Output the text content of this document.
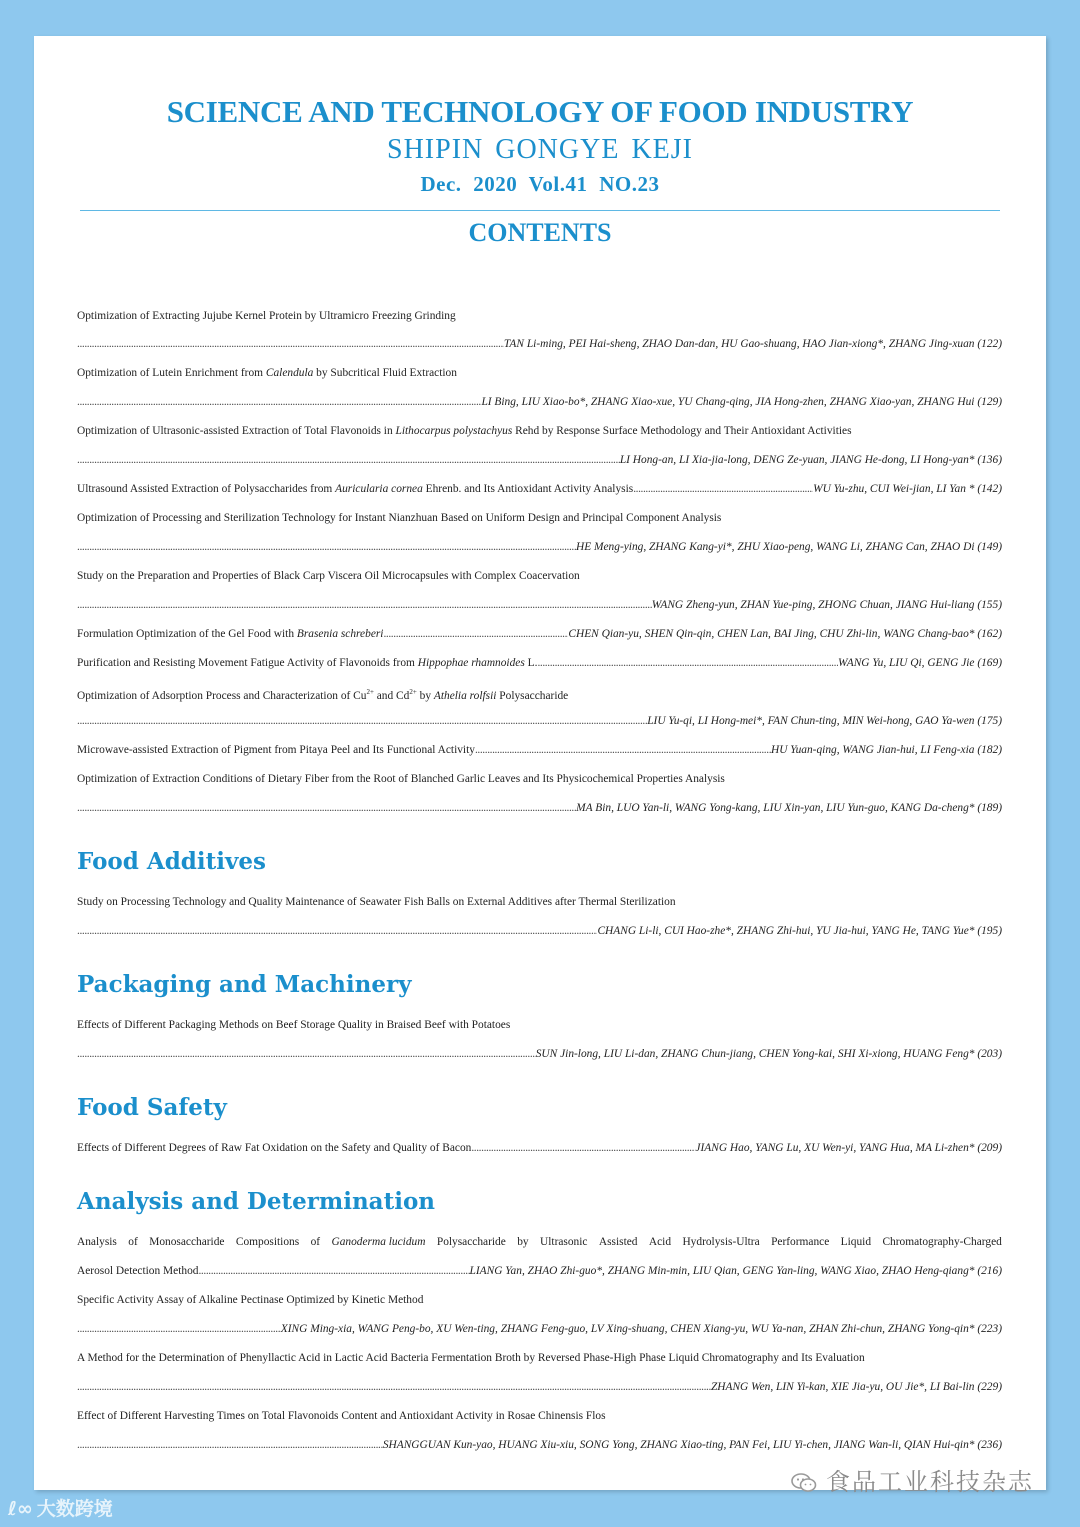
SCIENCE AND TECHNOLOGY OF FOOD INDUSTRY
SHIPIN GONGYE KEJI
Dec. 2020 Vol.41 NO.23
CONTENTS
Optimization of Extracting Jujube Kernel Protein by Ultramicro Freezing Grinding
.....
TAN Li-ming, PEI Hai-sheng, ZHAO Dan-dan, HU Gao-shuang, HAO Jian-xiong*, ZHANG Jing-xuan (122)
Optimization of Lutein Enrichment from Calendula by Subcritical Fluid Extraction
.....
LI Bing, LIU Xiao-bo*, ZHANG Xiao-xue, YU Chang-qing, JIA Hong-zhen, ZHANG Xiao-yan, ZHANG Hui (129)
Optimization of Ultrasonic-assisted Extraction of Total Flavonoids in Lithocarpus polystachyus Rehd by Response Surface Methodology and Their Antioxidant Activities
.....
LI Hong-an, LI Xia-jia-long, DENG Ze-yuan, JIANG He-dong, LI Hong-yan* (136)
Ultrasound Assisted Extraction of Polysaccharides from Auricularia cornea Ehrenb. and Its Antioxidant Activity Analysis .....	WU Yu-zhu, CUI Wei-jian, LI Yan * (142)
Optimization of Processing and Sterilization Technology for Instant Nianzhuan Based on Uniform Design and Principal Component Analysis
.....
HE Meng-ying, ZHANG Kang-yi*, ZHU Xiao-peng, WANG Li, ZHANG Can, ZHAO Di (149)
Study on the Preparation and Properties of Black Carp Viscera Oil Microcapsules with Complex Coacervation
.....
WANG Zheng-yun, ZHAN Yue-ping, ZHONG Chuan, JIANG Hui-liang (155)
Formulation Optimization of the Gel Food with Brasenia schreberi .....	CHEN Qian-yu, SHEN Qin-qin, CHEN Lan, BAI Jing, CHU Zhi-lin, WANG Chang-bao* (162)
Purification and Resisting Movement Fatigue Activity of Flavonoids from Hippophae rhamnoides L. .....	WANG Yu, LIU Qi, GENG Jie (169)
Optimization of Adsorption Process and Characterization of $Cu^{2+}$ and $Cd^{2+}$ by Athelia rolfsii Polysaccharide
.....
LIU Yu-qi, LI Hong-mei*, FAN Chun-ting, MIN Wei-hong, GAO Ya-wen (175)
Microwave-assisted Extraction of Pigment from Pitaya Peel and Its Functional Activity .....	HU Yuan-qing, WANG Jian-hui, LI Feng-xia (182)
Optimization of Extraction Conditions of Dietary Fiber from the Root of Blanched Garlic Leaves and Its Physicochemical Properties Analysis
.....
MA Bin, LUO Yan-li, WANG Yong-kang, LIU Xin-yan, LIU Yun-guo, KANG Da-cheng* (189)
Study on Processing Technology and Quality Maintenance of Seawater Fish Balls on External Additives after Thermal Sterilization
.....
CHANG Li-li, CUI Hao-zhe*, ZHANG Zhi-hui, YU Jia-hui, YANG He, TANG Yue* (195)
Effects of Different Packaging Methods on Beef Storage Quality in Braised Beef with Potatoes
.....
SUN Jin-long, LIU Li-dan, ZHANG Chun-jiang, CHEN Yong-kai, SHI Xi-xiong, HUANG Feng* (203)
Effects of Different Degrees of Raw Fat Oxidation on the Safety and Quality of Bacon .....	JIANG Hao, YANG Lu, XU Wen-yi, YANG Hua, MA Li-zhen* (209)
Analysis of Monosaccharide Compositions of Ganoderma lucidum Polysaccharide by Ultrasonic Assisted Acid Hydrolysis-Ultra Performance Liquid Chromatography-Charged
Aerosol Detection Method .....	LIANG Yan, ZHAO Zhi-guo*, ZHANG Min-min, LIU Qian, GENG Yan-ling, WANG Xiao, ZHAO Heng-qiang* (216)
Specific Activity Assay of Alkaline Pectinase Optimized by Kinetic Method
.....
XING Ming-xia, WANG Peng-bo, XU Wen-ting, ZHANG Feng-guo, LV Xing-shuang, CHEN Xiang-yu, WU Ya-nan, ZHAN Zhi-chun, ZHANG Yong-qin* (223)
A Method for the Determination of Phenyllactic Acid in Lactic Acid Bacteria Fermentation Broth by Reversed Phase-High Phase Liquid Chromatography and Its Evaluation
.....
ZHANG Wen, LIN Yi-kan, XIE Jia-yu, OU Jie*, LI Bai-lin (229)
Effect of Different Harvesting Times on Total Flavonoids Content and Antioxidant Activity in Rosae Chinensis Flos
.....
SHANGGUAN Kun-yao, HUANG Xiu-xiu, SONG Yong, ZHANG Xiao-ting, PAN Fei, LIU Yi-chen, JIANG Wan-li, QIAN Hui-qin* (236)
Food Additives
Packaging and Machinery
Food Safety
Analysis and Determination
ℓ∞ 大数跨境
食品工业科技杂志
